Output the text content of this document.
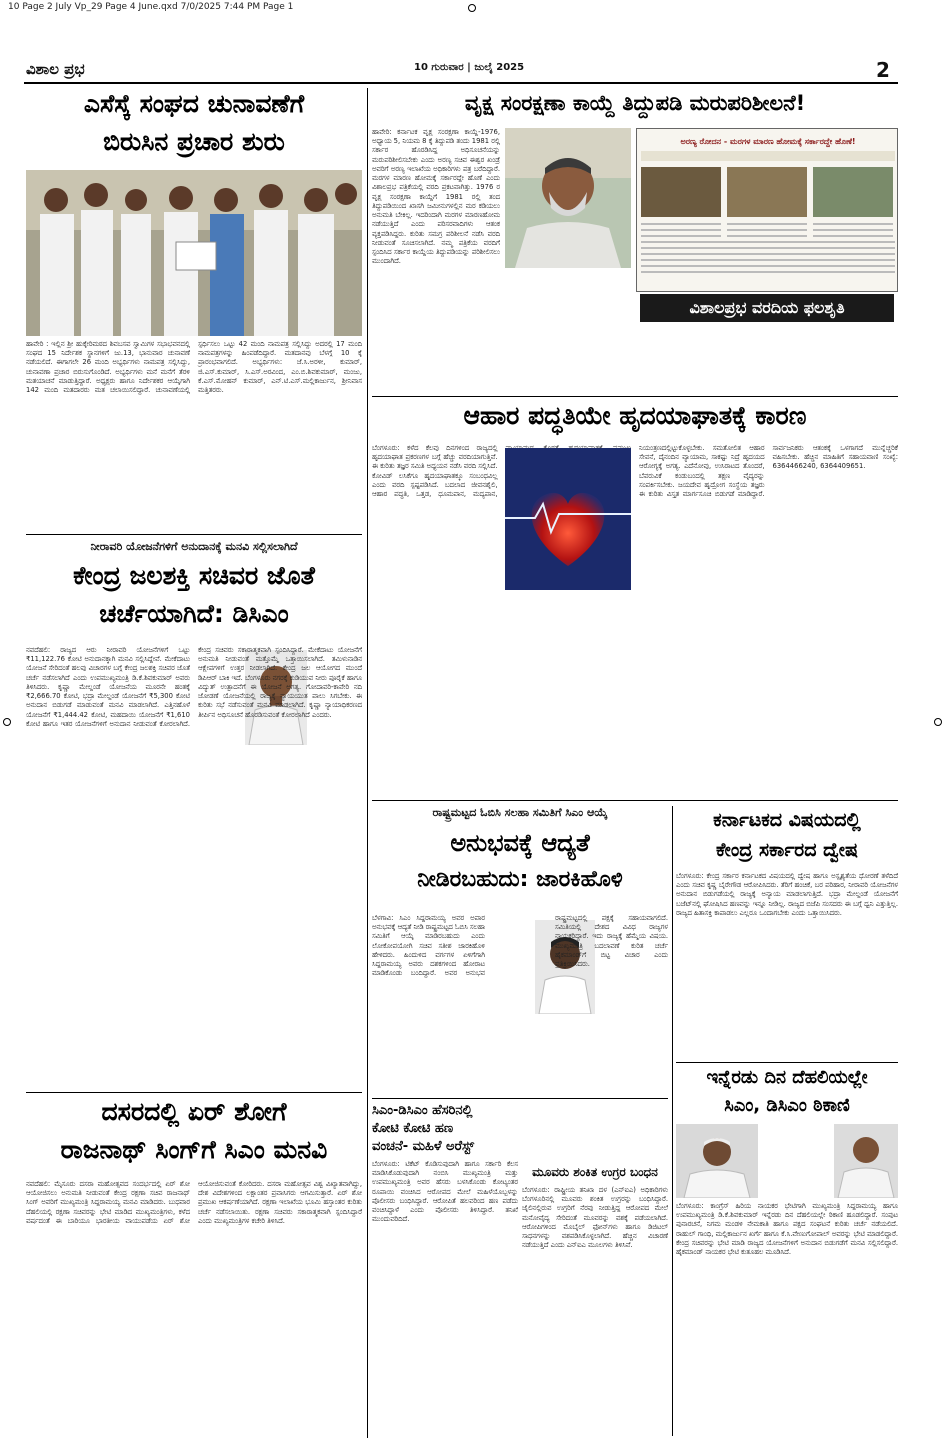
10 Page 2 July Vp_29 Page 4 June.qxd 7/0/2025 7:44 PM Page 1
ವಿಶಾಲ ಪ್ರಭ	10 ಗುರುವಾರ | ಜುಲೈ 2025	2
ಎಸೆಸ್ಕೆ ಸಂಘದ ಚುನಾವಣೆಗೆ
ಬಿರುಸಿನ ಪ್ರಚಾರ ಶುರು
ಹಾವೇರಿ : ಇಲ್ಲಿನ ಶ್ರೀ ಹುಕ್ಕೇರಿಮಠದ ಶಿವಬಸವ ಸ್ವಾಮಿಗಳ ಸಭಾಭವನದಲ್ಲಿ ಸಂಘದ 15 ನಿರ್ದೇಶಕ ಸ್ಥಾನಗಳಿಗೆ ಜು.13, ಭಾನುವಾರ ಚುನಾವಣೆ ನಡೆಯಲಿದೆ. ಈಗಾಗಲೇ 26 ಮಂದಿ ಅಭ್ಯರ್ಥಿಗಳು ನಾಮಪತ್ರ ಸಲ್ಲಿಸಿದ್ದು, ಚುನಾವಣಾ ಪ್ರಚಾರ ಬಿರುಸುಗೊಂಡಿದೆ. ಅಭ್ಯರ್ಥಿಗಳು ಮನೆ ಮನೆಗೆ ತೆರಳಿ ಮತಯಾಚನೆ ಮಾಡುತ್ತಿದ್ದಾರೆ. ಅಧ್ಯಕ್ಷರು ಹಾಗೂ ನಿರ್ದೇಶಕರ ಆಯ್ಕೆಗಾಗಿ 142 ಮಂದಿ ಮತದಾರರು ಮತ ಚಲಾಯಿಸಲಿದ್ದಾರೆ. ಚುನಾವಣೆಯಲ್ಲಿ ಸ್ಪರ್ಧಿಸಲು ಒಟ್ಟು 42 ಮಂದಿ ನಾಮಪತ್ರ ಸಲ್ಲಿಸಿದ್ದು ಅದರಲ್ಲಿ 17 ಮಂದಿ ನಾಮಪತ್ರಗಳನ್ನು ಹಿಂಪಡೆದಿದ್ದಾರೆ. ಮತದಾನವು ಬೆಳಗ್ಗೆ 10 ಕ್ಕೆ ಪ್ರಾರಂಭವಾಗಲಿದೆ. ಅಭ್ಯರ್ಥಿಗಳು: ಜೆ.ಸಿ.ಅರಳೀ, ಕುಮಾರ್, ಜಿ.ಎಸ್.ಕುಮಾರ್, ಸಿ.ಎಸ್.ಅರವಿಂದ, ಎಂ.ಬಿ.ಶಿವಕುಮಾರ್, ಮಂಜು, ಕೆ.ಎಸ್.ಮೋಹನ್ ಕುಮಾರ್, ಎನ್.ಟಿ.ಎಸ್.ಮಲ್ಲಿಕಾರ್ಜುನ, ಶ್ರೀನಿವಾಸ ಮತ್ತಿತರರು.
ನೀರಾವರಿ ಯೋಜನೆಗಳಿಗೆ ಅನುದಾನಕ್ಕೆ ಮನವಿ ಸಲ್ಲಿಸಲಾಗಿದೆ
ಕೇಂದ್ರ ಜಲಶಕ್ತಿ ಸಚಿವರ ಜೊತೆ
ಚರ್ಚೆಯಾಗಿದೆ: ಡಿಸಿಎಂ
ನವದೆಹಲಿ: ರಾಜ್ಯದ ಆರು ನೀರಾವರಿ ಯೋಜನೆಗಳಿಗೆ ಒಟ್ಟು ₹11,122.76 ಕೋಟಿ ಅನುದಾನಕ್ಕಾಗಿ ಮನವಿ ಸಲ್ಲಿಸಿದ್ದೇವೆ. ಮೇಕೆದಾಟು ಯೋಜನೆ ಸೇರಿದಂತೆ ಹಲವು ವಿಚಾರಗಳ ಬಗ್ಗೆ ಕೇಂದ್ರ ಜಲಶಕ್ತಿ ಸಚಿವರ ಜೊತೆ ಚರ್ಚೆ ನಡೆಸಲಾಗಿದೆ ಎಂದು ಉಪಮುಖ್ಯಮಂತ್ರಿ ಡಿ.ಕೆ.ಶಿವಕುಮಾರ್ ಅವರು ತಿಳಿಸಿದರು. ಕೃಷ್ಣಾ ಮೇಲ್ದಂಡೆ ಯೋಜನೆಯ ಮೂರನೇ ಹಂತಕ್ಕೆ ₹2,666.70 ಕೋಟಿ, ಭದ್ರಾ ಮೇಲ್ದಂಡೆ ಯೋಜನೆಗೆ ₹5,300 ಕೋಟಿ ಅನುದಾನ ಬಿಡುಗಡೆ ಮಾಡುವಂತೆ ಮನವಿ ಮಾಡಲಾಗಿದೆ. ಎತ್ತಿನಹೊಳೆ ಯೋಜನೆಗೆ ₹1,444.42 ಕೋಟಿ, ಮಹದಾಯಿ ಯೋಜನೆಗೆ ₹1,610 ಕೋಟಿ ಹಾಗೂ ಇತರ ಯೋಜನೆಗಳಿಗೆ ಅನುದಾನ ನೀಡುವಂತೆ ಕೋರಲಾಗಿದೆ. ಕೇಂದ್ರ ಸಚಿವರು ಸಕಾರಾತ್ಮಕವಾಗಿ ಸ್ಪಂದಿಸಿದ್ದಾರೆ. ಮೇಕೆದಾಟು ಯೋಜನೆಗೆ ಅನುಮತಿ ನೀಡುವಂತೆ ಮತ್ತೊಮ್ಮೆ ಒತ್ತಾಯಿಸಲಾಗಿದೆ. ತಮಿಳುನಾಡಿನ ಆಕ್ಷೇಪಗಳಿಗೆ ಉತ್ತರ ನೀಡಲಾಗಿದೆ. ಕೇಂದ್ರ ಜಲ ಆಯೋಗದ ಮುಂದೆ ಡಿಪಿಆರ್ ಬಾಕಿ ಇದೆ. ಬೆಂಗಳೂರು ನಗರಕ್ಕೆ ಕುಡಿಯುವ ನೀರು ಪೂರೈಕೆ ಹಾಗೂ ವಿದ್ಯುತ್ ಉತ್ಪಾದನೆಗೆ ಈ ಯೋಜನೆ ಅಗತ್ಯ. ಗೋದಾವರಿ-ಕಾವೇರಿ ನದಿ ಜೋಡಣೆ ಯೋಜನೆಯಲ್ಲಿ ರಾಜ್ಯಕ್ಕೆ ನ್ಯಾಯಯುತ ಪಾಲು ಸಿಗಬೇಕು. ಈ ಕುರಿತು ಸಭೆ ನಡೆಸುವಂತೆ ಮನವಿ ಮಾಡಲಾಗಿದೆ. ಕೃಷ್ಣಾ ನ್ಯಾಯಾಧಿಕರಣದ ತೀರ್ಪಿನ ಅಧಿಸೂಚನೆ ಹೊರಡಿಸುವಂತೆ ಕೋರಲಾಗಿದೆ ಎಂದರು.
ದಸರದಲ್ಲಿ ಏರ್ ಶೋಗೆ
ರಾಜನಾಥ್ ಸಿಂಗ್‌ಗೆ ಸಿಎಂ ಮನವಿ
ನವದೆಹಲಿ: ಮೈಸೂರು ದಸರಾ ಮಹೋತ್ಸವದ ಸಂದರ್ಭದಲ್ಲಿ ಏರ್ ಶೋ ಆಯೋಜಿಸಲು ಅನುಮತಿ ನೀಡುವಂತೆ ಕೇಂದ್ರ ರಕ್ಷಣಾ ಸಚಿವ ರಾಜನಾಥ್ ಸಿಂಗ್ ಅವರಿಗೆ ಮುಖ್ಯಮಂತ್ರಿ ಸಿದ್ದರಾಮಯ್ಯ ಮನವಿ ಮಾಡಿದರು. ಬುಧವಾರ ದೆಹಲಿಯಲ್ಲಿ ರಕ್ಷಣಾ ಸಚಿವರನ್ನು ಭೇಟಿ ಮಾಡಿದ ಮುಖ್ಯಮಂತ್ರಿಗಳು, ಕಳೆದ ವರ್ಷದಂತೆ ಈ ಬಾರಿಯೂ ಭಾರತೀಯ ವಾಯುಪಡೆಯ ಏರ್ ಶೋ ಆಯೋಜಿಸುವಂತೆ ಕೋರಿದರು. ದಸರಾ ಮಹೋತ್ಸವ ವಿಶ್ವ ವಿಖ್ಯಾತವಾಗಿದ್ದು, ದೇಶ ವಿದೇಶಗಳಿಂದ ಲಕ್ಷಾಂತರ ಪ್ರವಾಸಿಗರು ಆಗಮಿಸುತ್ತಾರೆ. ಏರ್ ಶೋ ಪ್ರಮುಖ ಆಕರ್ಷಣೆಯಾಗಿದೆ. ರಕ್ಷಣಾ ಇಲಾಖೆಯ ಭೂಮಿ ಹಸ್ತಾಂತರ ಕುರಿತು ಚರ್ಚೆ ನಡೆಸಲಾಯಿತು. ರಕ್ಷಣಾ ಸಚಿವರು ಸಕಾರಾತ್ಮಕವಾಗಿ ಸ್ಪಂದಿಸಿದ್ದಾರೆ ಎಂದು ಮುಖ್ಯಮಂತ್ರಿಗಳ ಕಚೇರಿ ತಿಳಿಸಿದೆ.
ವೃಕ್ಷ ಸಂರಕ್ಷಣಾ ಕಾಯ್ದೆ ತಿದ್ದುಪಡಿ ಮರುಪರಿಶೀಲನೆ!
ಹಾವೇರಿ: ಕರ್ನಾಟಕ ವೃಕ್ಷ ಸಂರಕ್ಷಣಾ ಕಾಯ್ದೆ-1976, ಅಧ್ಯಾಯ 5, ನಿಯಮ 8 ಕ್ಕೆ ತಿದ್ದುಪಡಿ ತಂದು 1981 ರಲ್ಲಿ ಸರ್ಕಾರ ಹೊರಡಿಸಿದ್ದ ಅಧಿಸೂಚನೆಯನ್ನು ಮರುಪರಿಶೀಲಿಸಬೇಕು ಎಂದು ಅರಣ್ಯ ಸಚಿವ ಈಶ್ವರ ಖಂಡ್ರೆ ಅವರಿಗೆ ಅರಣ್ಯ ಇಲಾಖೆಯ ಅಧಿಕಾರಿಗಳು ಪತ್ರ ಬರೆದಿದ್ದಾರೆ. ಮರಗಳ ಮಾರಣ ಹೋಮಕ್ಕೆ ಸರ್ಕಾರದ್ದೇ ಹೊಣೆ ಎಂದು ವಿಶಾಲಪ್ರಭ ಪತ್ರಿಕೆಯಲ್ಲಿ ವರದಿ ಪ್ರಕಟವಾಗಿತ್ತು. 1976 ರ ವೃಕ್ಷ ಸಂರಕ್ಷಣಾ ಕಾಯ್ದೆಗೆ 1981 ರಲ್ಲಿ ತಂದ ತಿದ್ದುಪಡಿಯಿಂದ ಖಾಸಗಿ ಜಮೀನುಗಳಲ್ಲಿನ ಮರ ಕಡಿಯಲು ಅನುಮತಿ ಬೇಕಿಲ್ಲ. ಇದರಿಂದಾಗಿ ಮರಗಳ ಮಾರಣಹೋಮ ನಡೆಯುತ್ತಿದೆ ಎಂದು ಪರಿಸರವಾದಿಗಳು ಆತಂಕ ವ್ಯಕ್ತಪಡಿಸಿದ್ದರು. ಕುರಿತು ಸಮಗ್ರ ಪರಿಶೀಲನೆ ನಡೆಸಿ ವರದಿ ನೀಡುವಂತೆ ಸೂಚಿಸಲಾಗಿದೆ. ನಮ್ಮ ಪತ್ರಿಕೆಯ ವರದಿಗೆ ಸ್ಪಂದಿಸಿದ ಸರ್ಕಾರ ಕಾಯ್ದೆಯ ತಿದ್ದುಪಡಿಯನ್ನು ಪರಿಶೀಲಿಸಲು ಮುಂದಾಗಿದೆ.
ಅರಣ್ಯ ರೋದನ - ಮರಗಳ ಮಾರಣ ಹೋಮಕ್ಕೆ ಸರ್ಕಾರದ್ದೇ ಹೊಣೆ!
ವಿಶಾಲಪ್ರಭ ವರದಿಯ ಫಲಶೃತಿ
ಆಹಾರ ಪದ್ಧತಿಯೇ ಹೃದಯಾಘಾತಕ್ಕೆ ಕಾರಣ
ಬೆಂಗಳೂರು: ಕಳೆದ ಕೆಲವು ದಿನಗಳಿಂದ ರಾಜ್ಯದಲ್ಲಿ ಹೃದಯಾಘಾತ ಪ್ರಕರಣಗಳ ಬಗ್ಗೆ ಹೆಚ್ಚು ವರದಿಯಾಗುತ್ತಿವೆ. ಈ ಕುರಿತು ತಜ್ಞರ ಸಮಿತಿ ಅಧ್ಯಯನ ನಡೆಸಿ ವರದಿ ಸಲ್ಲಿಸಿದೆ. ಕೋವಿಡ್ ಲಸಿಕೆಗೂ ಹೃದಯಾಘಾತಕ್ಕೂ ಸಂಬಂಧವಿಲ್ಲ ಎಂದು ವರದಿ ಸ್ಪಷ್ಟಪಡಿಸಿದೆ. ಬದಲಾದ ಜೀವನಶೈಲಿ, ಆಹಾರ ಪದ್ಧತಿ, ಒತ್ತಡ, ಧೂಮಪಾನ, ಮದ್ಯಪಾನ, ನಿಯಂತ್ರಣದಲ್ಲಿಟ್ಟುಕೊಳ್ಳಬೇಕು. ಸಮತೋಲಿತ ಆಹಾರ ಸೇವನೆ, ದೈನಂದಿನ ವ್ಯಾಯಾಮ, ಸಾಕಷ್ಟು ನಿದ್ರೆ ಹೃದಯದ ಆರೋಗ್ಯಕ್ಕೆ ಅಗತ್ಯ. ಎದೆನೋವು, ಉಸಿರಾಟದ ತೊಂದರೆ, ಬೆವರುವಿಕೆ ಕಂಡುಬಂದಲ್ಲಿ ತಕ್ಷಣ ವೈದ್ಯರನ್ನು ಸಂಪರ್ಕಿಸಬೇಕು. ಜಯದೇವ ಹೃದ್ರೋಗ ಸಂಸ್ಥೆಯ ತಜ್ಞರು ಈ ಕುರಿತು ವಿಸ್ತೃತ ಮಾರ್ಗಸೂಚಿ ಬಿಡುಗಡೆ ಮಾಡಿದ್ದಾರೆ. ಸಾರ್ವಜನಿಕರು ಆತಂಕಕ್ಕೆ ಒಳಗಾಗದೆ ಮುನ್ನೆಚ್ಚರಿಕೆ ವಹಿಸಬೇಕು. ಹೆಚ್ಚಿನ ಮಾಹಿತಿಗೆ ಸಹಾಯವಾಣಿ ಸಂಖ್ಯೆ: 6364466240, 6364409651.
ರಾಷ್ಟ್ರಮಟ್ಟದ ಓಬಿಸಿ ಸಲಹಾ ಸಮಿತಿಗೆ ಸಿಎಂ ಆಯ್ಕೆ
ಅನುಭವಕ್ಕೆ ಆದ್ಯತೆ
ನೀಡಿರಬಹುದು: ಜಾರಕಿಹೊಳಿ
ಬೆಳಗಾವಿ: ಸಿಎಂ ಸಿದ್ದರಾಮಯ್ಯ ಅವರ ಅಪಾರ ಅನುಭವಕ್ಕೆ ಆದ್ಯತೆ ನೀಡಿ ರಾಷ್ಟ್ರಮಟ್ಟದ ಓಬಿಸಿ ಸಲಹಾ ಸಮಿತಿಗೆ ಆಯ್ಕೆ ಮಾಡಿರಬಹುದು ಎಂದು ಲೋಕೋಪಯೋಗಿ ಸಚಿವ ಸತೀಶ ಜಾರಕಿಹೊಳಿ ಹೇಳಿದರು. ಹಿಂದುಳಿದ ವರ್ಗಗಳ ಏಳಿಗೆಗಾಗಿ ಸಿದ್ದರಾಮಯ್ಯ ಅವರು ದಶಕಗಳಿಂದ ಹೋರಾಟ ಮಾಡಿಕೊಂಡು ಬಂದಿದ್ದಾರೆ. ಅವರ ಅನುಭವ ರಾಷ್ಟ್ರಮಟ್ಟದಲ್ಲಿ ಪಕ್ಷಕ್ಕೆ ಸಹಾಯವಾಗಲಿದೆ. ಸಮಿತಿಯಲ್ಲಿ ದೇಶದ ವಿವಿಧ ರಾಜ್ಯಗಳ ನಾಯಕರಿದ್ದಾರೆ. ಇದು ರಾಜ್ಯಕ್ಕೆ ಹೆಮ್ಮೆಯ ವಿಷಯ. ಮುಖ್ಯಮಂತ್ರಿ ಬದಲಾವಣೆ ಕುರಿತ ಚರ್ಚೆ ಹೈಕಮಾಂಡ್‌ಗೆ ಬಿಟ್ಟ ವಿಚಾರ ಎಂದು ಪ್ರತಿಕ್ರಿಯಿಸಿದರು.
ಕರ್ನಾಟಕದ ವಿಷಯದಲ್ಲಿ
ಕೇಂದ್ರ ಸರ್ಕಾರದ ದ್ವೇಷ
ಬೆಂಗಳೂರು: ಕೇಂದ್ರ ಸರ್ಕಾರ ಕರ್ನಾಟಕದ ವಿಷಯದಲ್ಲಿ ದ್ವೇಷ ಹಾಗೂ ಅಸ್ಪೃಶ್ಯತೆಯ ಧೋರಣೆ ತಳೆದಿದೆ ಎಂದು ಸಚಿವ ಕೃಷ್ಣ ಬೈರೇಗೌಡ ಆರೋಪಿಸಿದರು. ತೆರಿಗೆ ಹಂಚಿಕೆ, ಬರ ಪರಿಹಾರ, ನೀರಾವರಿ ಯೋಜನೆಗಳ ಅನುದಾನ ಬಿಡುಗಡೆಯಲ್ಲಿ ರಾಜ್ಯಕ್ಕೆ ಅನ್ಯಾಯ ಮಾಡಲಾಗುತ್ತಿದೆ. ಭದ್ರಾ ಮೇಲ್ದಂಡೆ ಯೋಜನೆಗೆ ಬಜೆಟ್‌ನಲ್ಲಿ ಘೋಷಿಸಿದ ಹಣವನ್ನು ಇನ್ನೂ ನೀಡಿಲ್ಲ. ರಾಜ್ಯದ ಬಿಜೆಪಿ ಸಂಸದರು ಈ ಬಗ್ಗೆ ಧ್ವನಿ ಎತ್ತುತ್ತಿಲ್ಲ. ರಾಜ್ಯದ ಹಿತಾಸಕ್ತಿ ಕಾಪಾಡಲು ಎಲ್ಲರೂ ಒಂದಾಗಬೇಕು ಎಂದು ಒತ್ತಾಯಿಸಿದರು.
ಇನ್ನೆರಡು ದಿನ ದೆಹಲಿಯಲ್ಲೇ
ಸಿಎಂ, ಡಿಸಿಎಂ ಠಿಕಾಣಿ
ಬೆಂಗಳೂರು: ಕಾಂಗ್ರೆಸ್ ಹಿರಿಯ ನಾಯಕರ ಭೇಟಿಗಾಗಿ ಮುಖ್ಯಮಂತ್ರಿ ಸಿದ್ದರಾಮಯ್ಯ ಹಾಗೂ ಉಪಮುಖ್ಯಮಂತ್ರಿ ಡಿ.ಕೆ.ಶಿವಕುಮಾರ್ ಇನ್ನೆರಡು ದಿನ ದೆಹಲಿಯಲ್ಲೇ ಠಿಕಾಣಿ ಹೂಡಲಿದ್ದಾರೆ. ಸಂಪುಟ ಪುನಾರಚನೆ, ನಿಗಮ ಮಂಡಳಿ ನೇಮಕಾತಿ ಹಾಗೂ ಪಕ್ಷದ ಸಂಘಟನೆ ಕುರಿತು ಚರ್ಚೆ ನಡೆಯಲಿದೆ. ರಾಹುಲ್ ಗಾಂಧಿ, ಮಲ್ಲಿಕಾರ್ಜುನ ಖರ್ಗೆ ಹಾಗೂ ಕೆ.ಸಿ.ವೇಣುಗೋಪಾಲ್ ಅವರನ್ನು ಭೇಟಿ ಮಾಡಲಿದ್ದಾರೆ. ಕೇಂದ್ರ ಸಚಿವರನ್ನು ಭೇಟಿ ಮಾಡಿ ರಾಜ್ಯದ ಯೋಜನೆಗಳಿಗೆ ಅನುದಾನ ಬಿಡುಗಡೆಗೆ ಮನವಿ ಸಲ್ಲಿಸಲಿದ್ದಾರೆ. ಹೈಕಮಾಂಡ್ ನಾಯಕರ ಭೇಟಿ ಕುತೂಹಲ ಮೂಡಿಸಿದೆ.
ಸಿಎಂ-ಡಿಸಿಎಂ ಹೆಸರಿನಲ್ಲಿ
ಕೋಟಿ ಕೋಟಿ ಹಣ
ವಂಚನೆ- ಮಹಿಳೆ ಅರೆಸ್ಟ್
ಬೆಂಗಳೂರು: ಟಿಕೆಟ್ ಕೊಡಿಸುವುದಾಗಿ ಹಾಗೂ ಸರ್ಕಾರಿ ಕೆಲಸ ಮಾಡಿಸಿಕೊಡುವುದಾಗಿ ನಂಬಿಸಿ ಮುಖ್ಯಮಂತ್ರಿ ಮತ್ತು ಉಪಮುಖ್ಯಮಂತ್ರಿ ಅವರ ಹೆಸರು ಬಳಸಿಕೊಂಡು ಕೋಟ್ಯಂತರ ರೂಪಾಯಿ ವಂಚಿಸಿದ ಆರೋಪದ ಮೇಲೆ ಮಹಿಳೆಯೊಬ್ಬಳನ್ನು ಪೊಲೀಸರು ಬಂಧಿಸಿದ್ದಾರೆ. ಆರೋಪಿತೆ ಹಲವರಿಂದ ಹಣ ಪಡೆದು ವಂಚಿಸಿದ್ದಾಳೆ ಎಂದು ಪೊಲೀಸರು ತಿಳಿಸಿದ್ದಾರೆ. ತನಿಖೆ ಮುಂದುವರಿದಿದೆ.
ಮೂವರು ಶಂಕಿತ ಉಗ್ರರ ಬಂಧನ
ಬೆಂಗಳೂರು: ರಾಷ್ಟ್ರೀಯ ತನಿಖಾ ದಳ (ಎನ್ಐಎ) ಅಧಿಕಾರಿಗಳು ಬೆಂಗಳೂರಿನಲ್ಲಿ ಮೂವರು ಶಂಕಿತ ಉಗ್ರರನ್ನು ಬಂಧಿಸಿದ್ದಾರೆ. ಜೈಲಿನಲ್ಲಿರುವ ಉಗ್ರರಿಗೆ ನೆರವು ನೀಡುತ್ತಿದ್ದ ಆರೋಪದ ಮೇಲೆ ಮನೋವೈದ್ಯ ಸೇರಿದಂತೆ ಮೂವರನ್ನು ವಶಕ್ಕೆ ಪಡೆಯಲಾಗಿದೆ. ಆರೋಪಿಗಳಿಂದ ಮೊಬೈಲ್ ಫೋನ್‌ಗಳು ಹಾಗೂ ಡಿಜಿಟಲ್ ಸಾಧನಗಳನ್ನು ವಶಪಡಿಸಿಕೊಳ್ಳಲಾಗಿದೆ. ಹೆಚ್ಚಿನ ವಿಚಾರಣೆ ನಡೆಯುತ್ತಿದೆ ಎಂದು ಎನ್ಐಎ ಮೂಲಗಳು ತಿಳಿಸಿವೆ.
